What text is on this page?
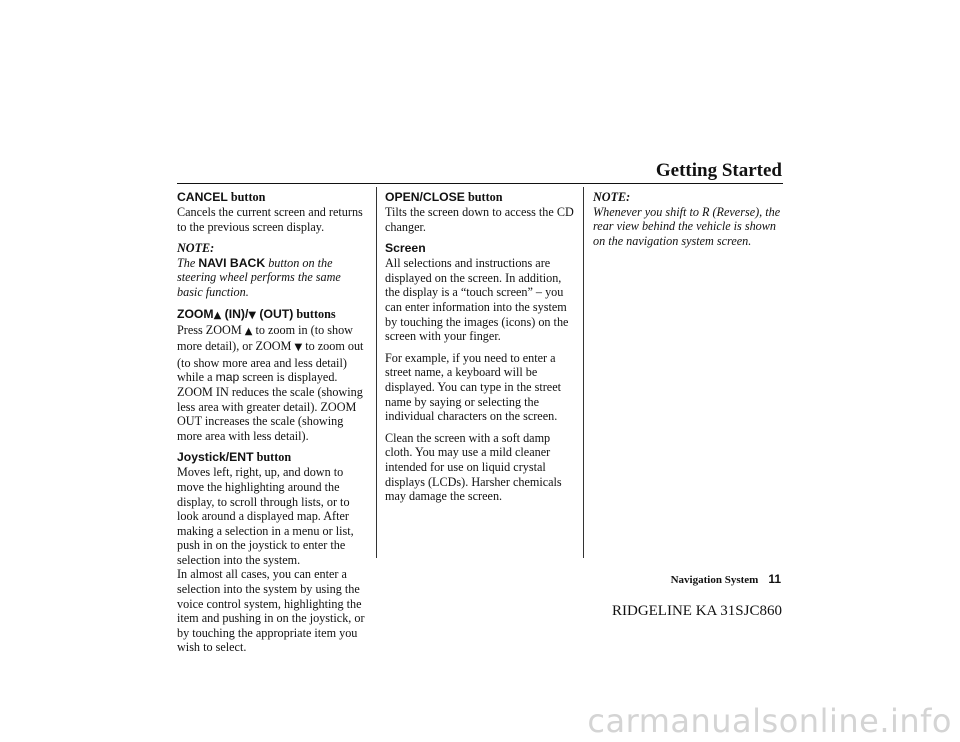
Getting Started
CANCEL button

Cancels the current screen and returns to the previous screen display.

NOTE:

The NAVI BACK button on the steering wheel performs the same basic function.

ZOOM▲ (IN)/▼ (OUT) buttons

Press ZOOM ▲ to zoom in (to show more detail), or ZOOM ▼ to zoom out (to show more area and less detail) while a map screen is displayed. ZOOM IN reduces the scale (showing less area with greater detail). ZOOM OUT increases the scale (showing more area with less detail).

Joystick/ENT button

Moves left, right, up, and down to move the highlighting around the display, to scroll through lists, or to look around a displayed map. After making a selection in a menu or list, push in on the joystick to enter the selection into the system.

In almost all cases, you can enter a selection into the system by using the voice control system, highlighting the item and pushing in on the joystick, or by touching the appropriate item you wish to select.

OPEN/CLOSE button

Tilts the screen down to access the CD changer.

Screen

All selections and instructions are displayed on the screen. In addition, the display is a “touch screen” – you can enter information into the system by touching the images (icons) on the screen with your finger.

For example, if you need to enter a street name, a keyboard will be displayed. You can type in the street name by saying or selecting the individual characters on the screen.

Clean the screen with a soft damp cloth. You may use a mild cleaner intended for use on liquid crystal displays (LCDs). Harsher chemicals may damage the screen.

NOTE:

Whenever you shift to R (Reverse), the rear view behind the vehicle is shown on the navigation system screen.

Navigation System 11
RIDGELINE KA 31SJC860
carmanualsonline.info
